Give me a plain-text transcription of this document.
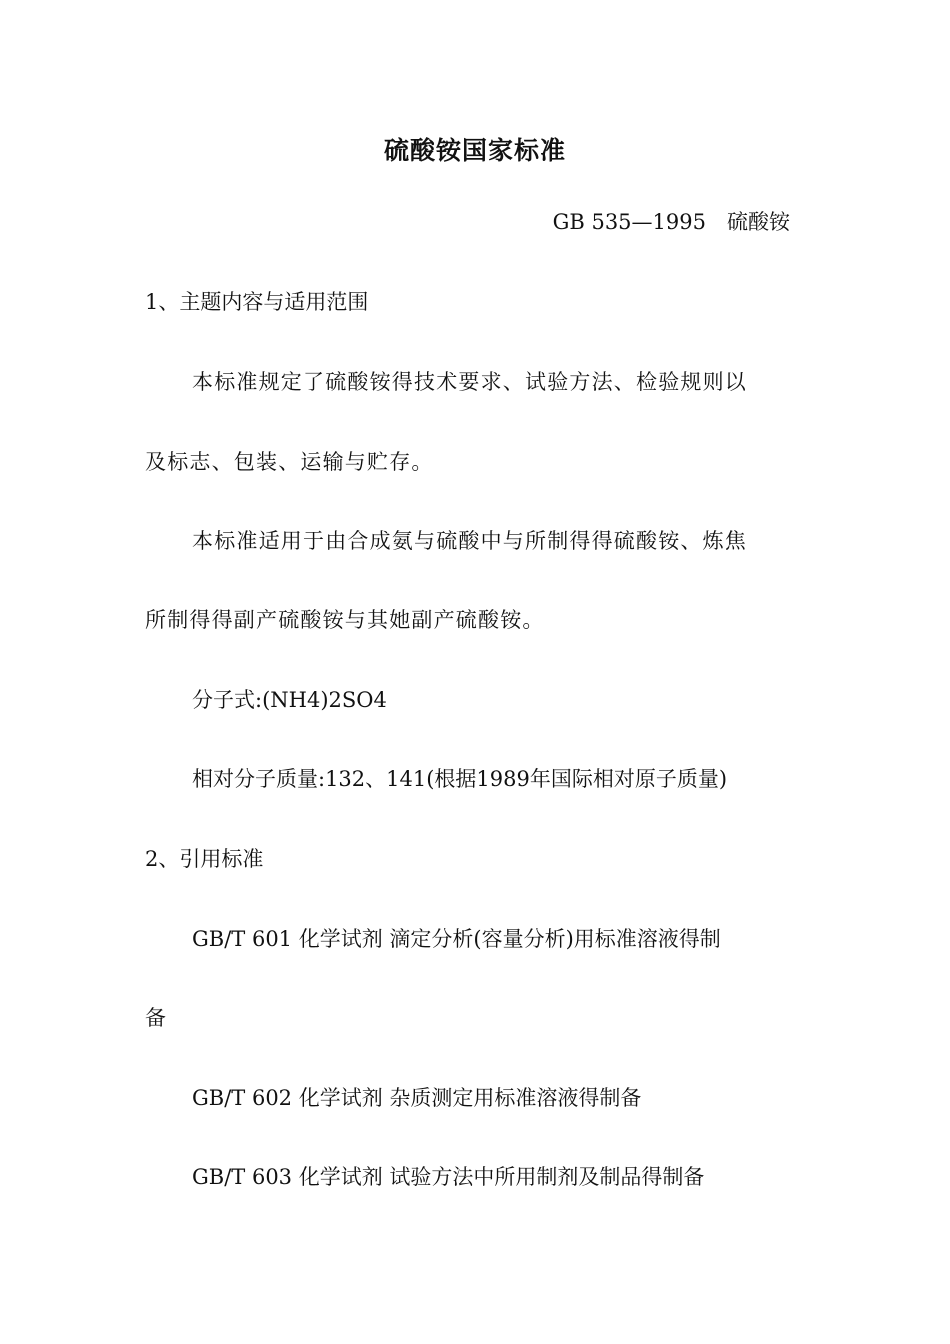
硫酸铵国家标准
GB 535—1995　硫酸铵
1、主题内容与适用范围
本标准规定了硫酸铵得技术要求、试验方法、检验规则以
及标志、包装、运输与贮存。
本标准适用于由合成氨与硫酸中与所制得得硫酸铵、炼焦
所制得得副产硫酸铵与其她副产硫酸铵。
分子式:(NH4)2SO4
相对分子质量:132、141(根据1989年国际相对原子质量)
2、引用标准
GB/T 601 化学试剂 滴定分析(容量分析)用标准溶液得制
备
GB/T 602 化学试剂 杂质测定用标准溶液得制备
GB/T 603 化学试剂 试验方法中所用制剂及制品得制备
